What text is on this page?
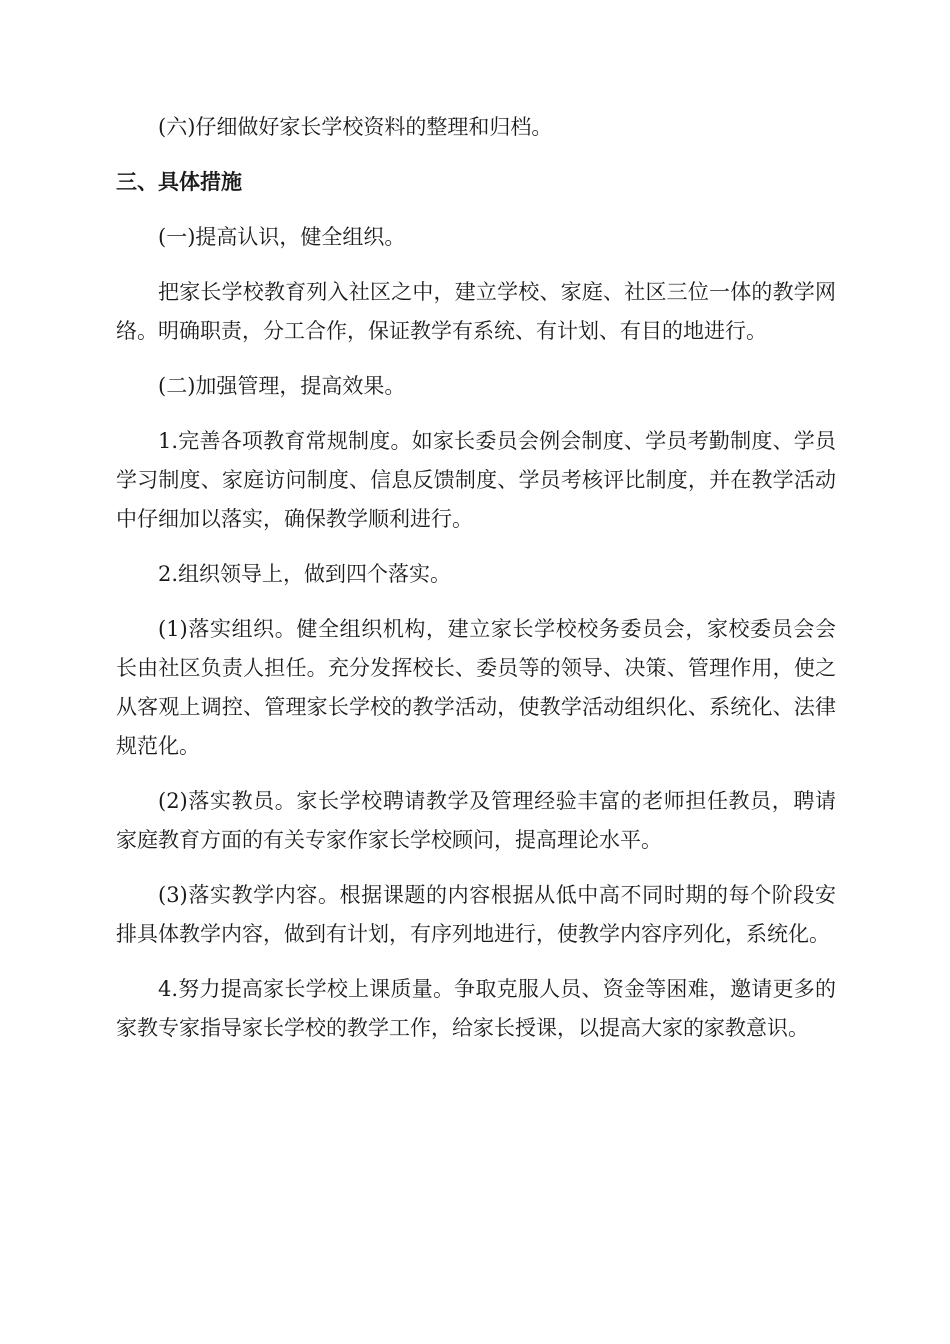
(六)仔细做好家长学校资料的整理和归档。

三、具体措施

(一)提高认识，健全组织。

把家长学校教育列入社区之中，建立学校、家庭、社区三位一体的教学网络。明确职责，分工合作，保证教学有系统、有计划、有目的地进行。

(二)加强管理，提高效果。

1.完善各项教育常规制度。如家长委员会例会制度、学员考勤制度、学员学习制度、家庭访问制度、信息反馈制度、学员考核评比制度，并在教学活动中仔细加以落实，确保教学顺利进行。

2.组织领导上，做到四个落实。

(1)落实组织。健全组织机构，建立家长学校校务委员会，家校委员会会长由社区负责人担任。充分发挥校长、委员等的领导、决策、管理作用，使之从客观上调控、管理家长学校的教学活动，使教学活动组织化、系统化、法律规范化。

(2)落实教员。家长学校聘请教学及管理经验丰富的老师担任教员，聘请家庭教育方面的有关专家作家长学校顾问，提高理论水平。

(3)落实教学内容。根据课题的内容根据从低中高不同时期的每个阶段安排具体教学内容，做到有计划，有序列地进行，使教学内容序列化，系统化。

4.努力提高家长学校上课质量。争取克服人员、资金等困难，邀请更多的家教专家指导家长学校的教学工作，给家长授课，以提高大家的家教意识。
